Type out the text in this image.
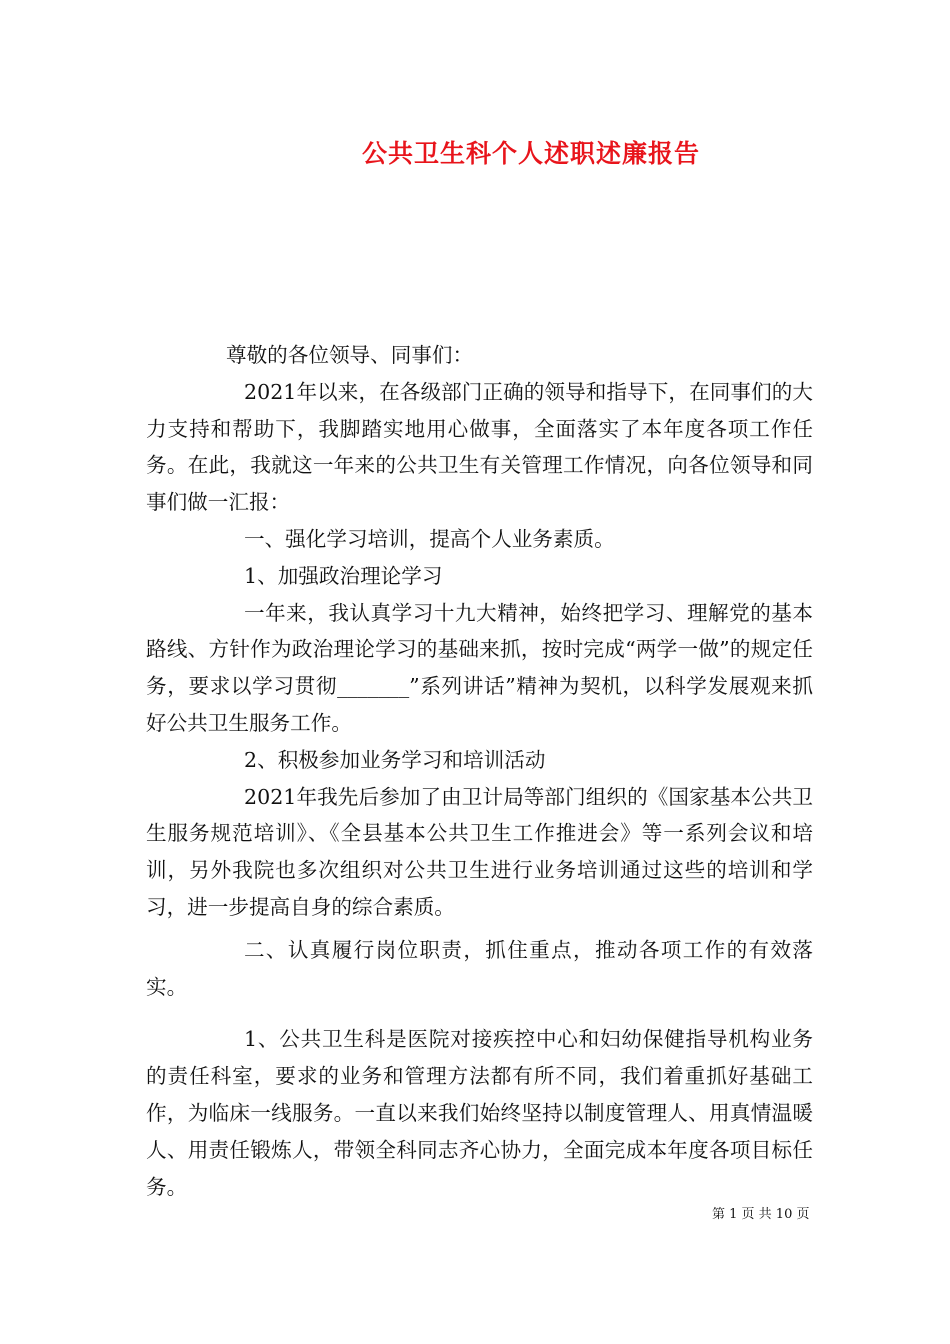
公共卫生科个人述职述廉报告

尊敬的各位领导、同事们：

2021年以来，在各级部门正确的领导和指导下，在同事们的大力支持和帮助下，我脚踏实地用心做事，全面落实了本年度各项工作任务。在此，我就这一年来的公共卫生有关管理工作情况，向各位领导和同事们做一汇报：

一、强化学习培训，提高个人业务素质。

1、加强政治理论学习

一年来，我认真学习十九大精神，始终把学习、理解党的基本路线、方针作为政治理论学习的基础来抓，按时完成“两学一做”的规定任务，要求以学习贯彻_______”系列讲话”精神为契机，以科学发展观来抓好公共卫生服务工作。

2、积极参加业务学习和培训活动

2021年我先后参加了由卫计局等部门组织的《国家基本公共卫生服务规范培训》、《全县基本公共卫生工作推进会》等一系列会议和培训，另外我院也多次组织对公共卫生进行业务培训通过这些的培训和学习，进一步提高自身的综合素质。

二、认真履行岗位职责，抓住重点，推动各项工作的有效落实。

1、公共卫生科是医院对接疾控中心和妇幼保健指导机构业务的责任科室，要求的业务和管理方法都有所不同，我们着重抓好基础工作，为临床一线服务。一直以来我们始终坚持以制度管理人、用真情温暖人、用责任锻炼人，带领全科同志齐心协力，全面完成本年度各项目标任务。

第 1 页 共 10 页
